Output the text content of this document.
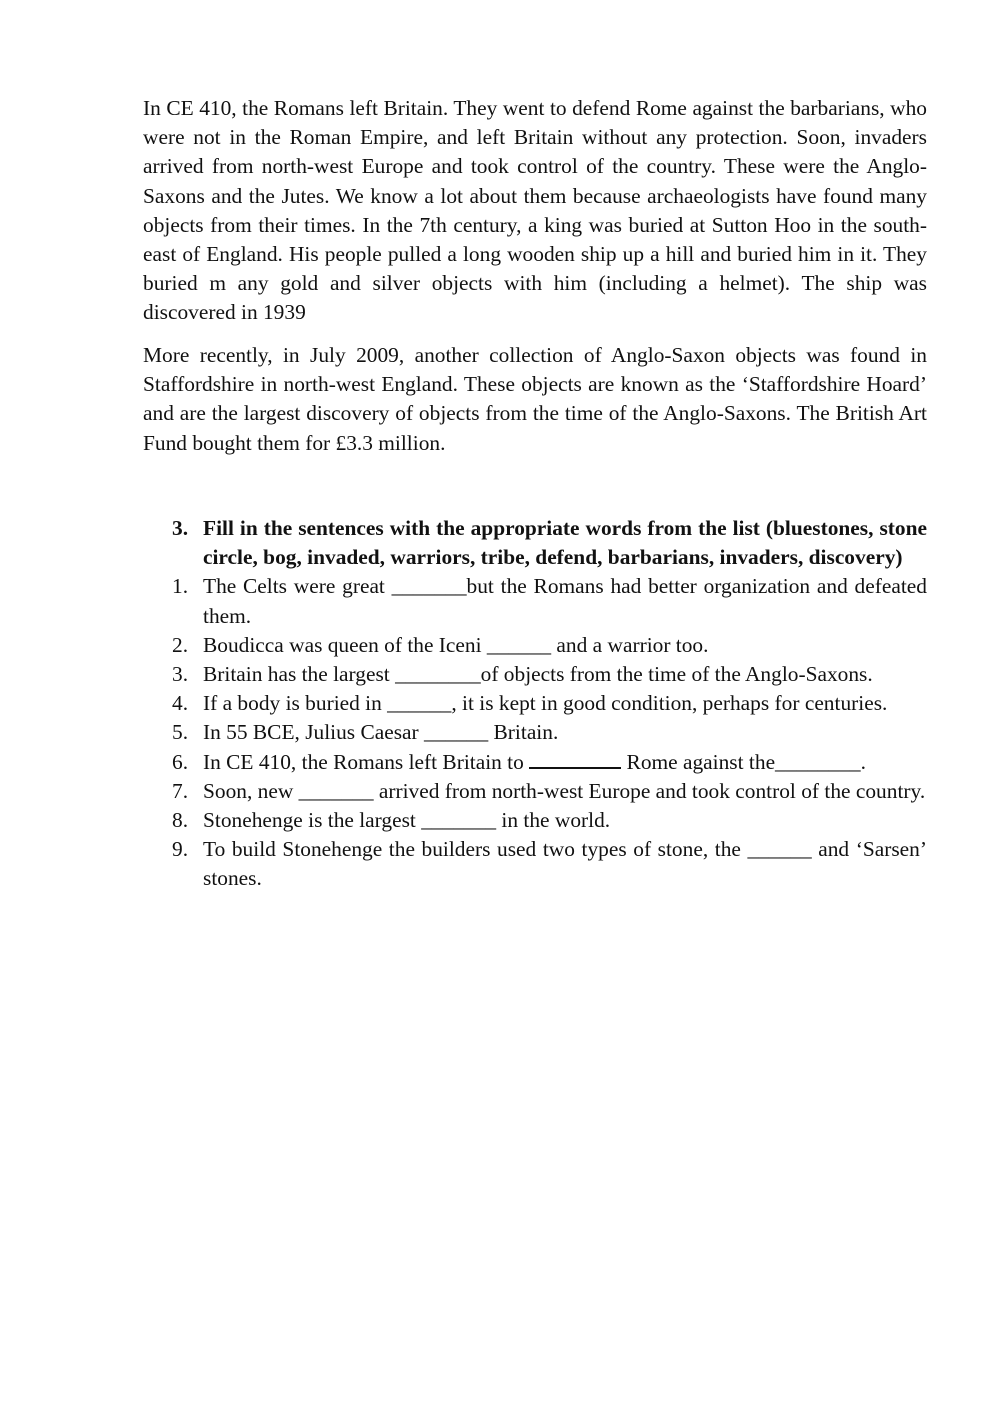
In CE 410, the Romans left Britain. They went to defend Rome against the barbarians, who were not in the Roman Empire, and left Britain without any protection. Soon, invaders arrived from north-west Europe and took control of the country. These were the Anglo-Saxons and the Jutes. We know a lot about them because archaeologists have found many objects from their times. In the 7th century, a king was buried at Sutton Hoo in the south-east of England. His people pulled a long wooden ship up a hill and buried him in it. They buried m any gold and silver objects with him (including a helmet). The ship was discovered in 1939

More recently, in July 2009, another collection of Anglo-Saxon objects was found in Staffordshire in north-west England. These objects are known as the ‘Staffordshire Hoard’ and are the largest discovery of objects from the time of the Anglo-Saxons. The British Art Fund bought them for £3.3 million.

3. Fill in the sentences with the appropriate words from the list (bluestones, stone circle, bog, invaded, warriors, tribe, defend, barbarians, invaders, discovery)

1. The Celts were great _______but the Romans had better organization and defeated them.
2. Boudicca was queen of the Iceni ______ and a warrior too.
3. Britain has the largest ________of objects from the time of the Anglo-Saxons.
4. If a body is buried in ______, it is kept in good condition, perhaps for centuries.
5. In 55 BCE, Julius Caesar ______ Britain.
6. In CE 410, the Romans left Britain to	Rome against the________.
7. Soon, new _______ arrived from north-west Europe and took control of the country.
8. Stonehenge is the largest _______ in the world.
9. To build Stonehenge the builders used two types of stone, the ______ and ‘Sarsen’ stones.
